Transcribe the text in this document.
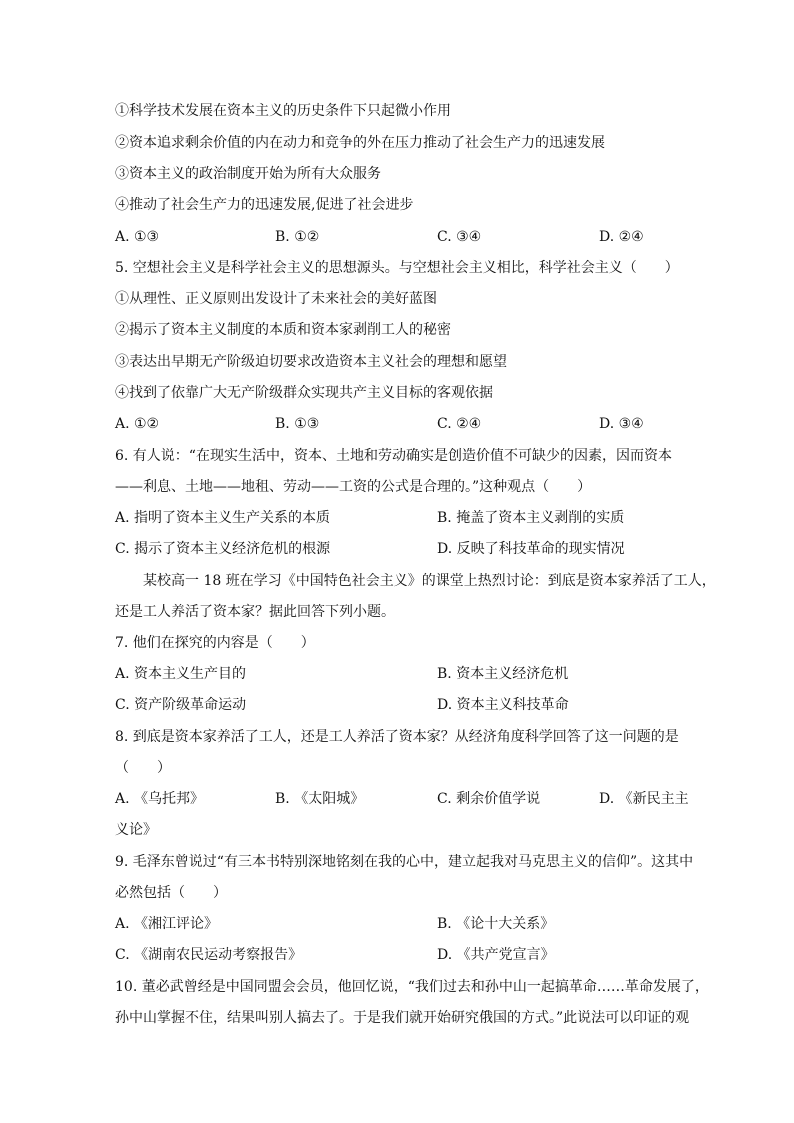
①科学技术发展在资本主义的历史条件下只起微小作用
②资本追求剩余价值的内在动力和竞争的外在压力推动了社会生产力的迅速发展
③资本主义的政治制度开始为所有大众服务
④推动了社会生产力的迅速发展,促进了社会进步
A. ①③	B. ①②	C. ③④	D. ②④
5. 空想社会主义是科学社会主义的思想源头。与空想社会主义相比，科学社会主义（　　）
①从理性、正义原则出发设计了未来社会的美好蓝图
②揭示了资本主义制度的本质和资本家剥削工人的秘密
③表达出早期无产阶级迫切要求改造资本主义社会的理想和愿望
④找到了依靠广大无产阶级群众实现共产主义目标的客观依据
A. ①②	B. ①③	C. ②④	D. ③④
6. 有人说：“在现实生活中，资本、土地和劳动确实是创造价值不可缺少的因素，因而资本
——利息、土地——地租、劳动——工资的公式是合理的。”这种观点（　　）
A. 指明了资本主义生产关系的本质	B. 掩盖了资本主义剥削的实质
C. 揭示了资本主义经济危机的根源	D. 反映了科技革命的现实情况
某校高一 18 班在学习《中国特色社会主义》的课堂上热烈讨论：到底是资本家养活了工人，
还是工人养活了资本家？据此回答下列小题。
7. 他们在探究的内容是（　　）
A. 资本主义生产目的	B. 资本主义经济危机
C. 资产阶级革命运动	D. 资本主义科技革命
8. 到底是资本家养活了工人，还是工人养活了资本家？从经济角度科学回答了这一问题的是
（　　）
A. 《乌托邦》	B. 《太阳城》	C. 剩余价值学说	D. 《新民主主
义论》
9. 毛泽东曾说过“有三本书特别深地铭刻在我的心中，建立起我对马克思主义的信仰”。这其中
必然包括（　　）
A. 《湘江评论》	B. 《论十大关系》
C. 《湖南农民运动考察报告》	D. 《共产党宣言》
10. 董必武曾经是中国同盟会会员，他回忆说，“我们过去和孙中山一起搞革命……革命发展了，
孙中山掌握不住，结果叫别人搞去了。于是我们就开始研究俄国的方式。”此说法可以印证的观
